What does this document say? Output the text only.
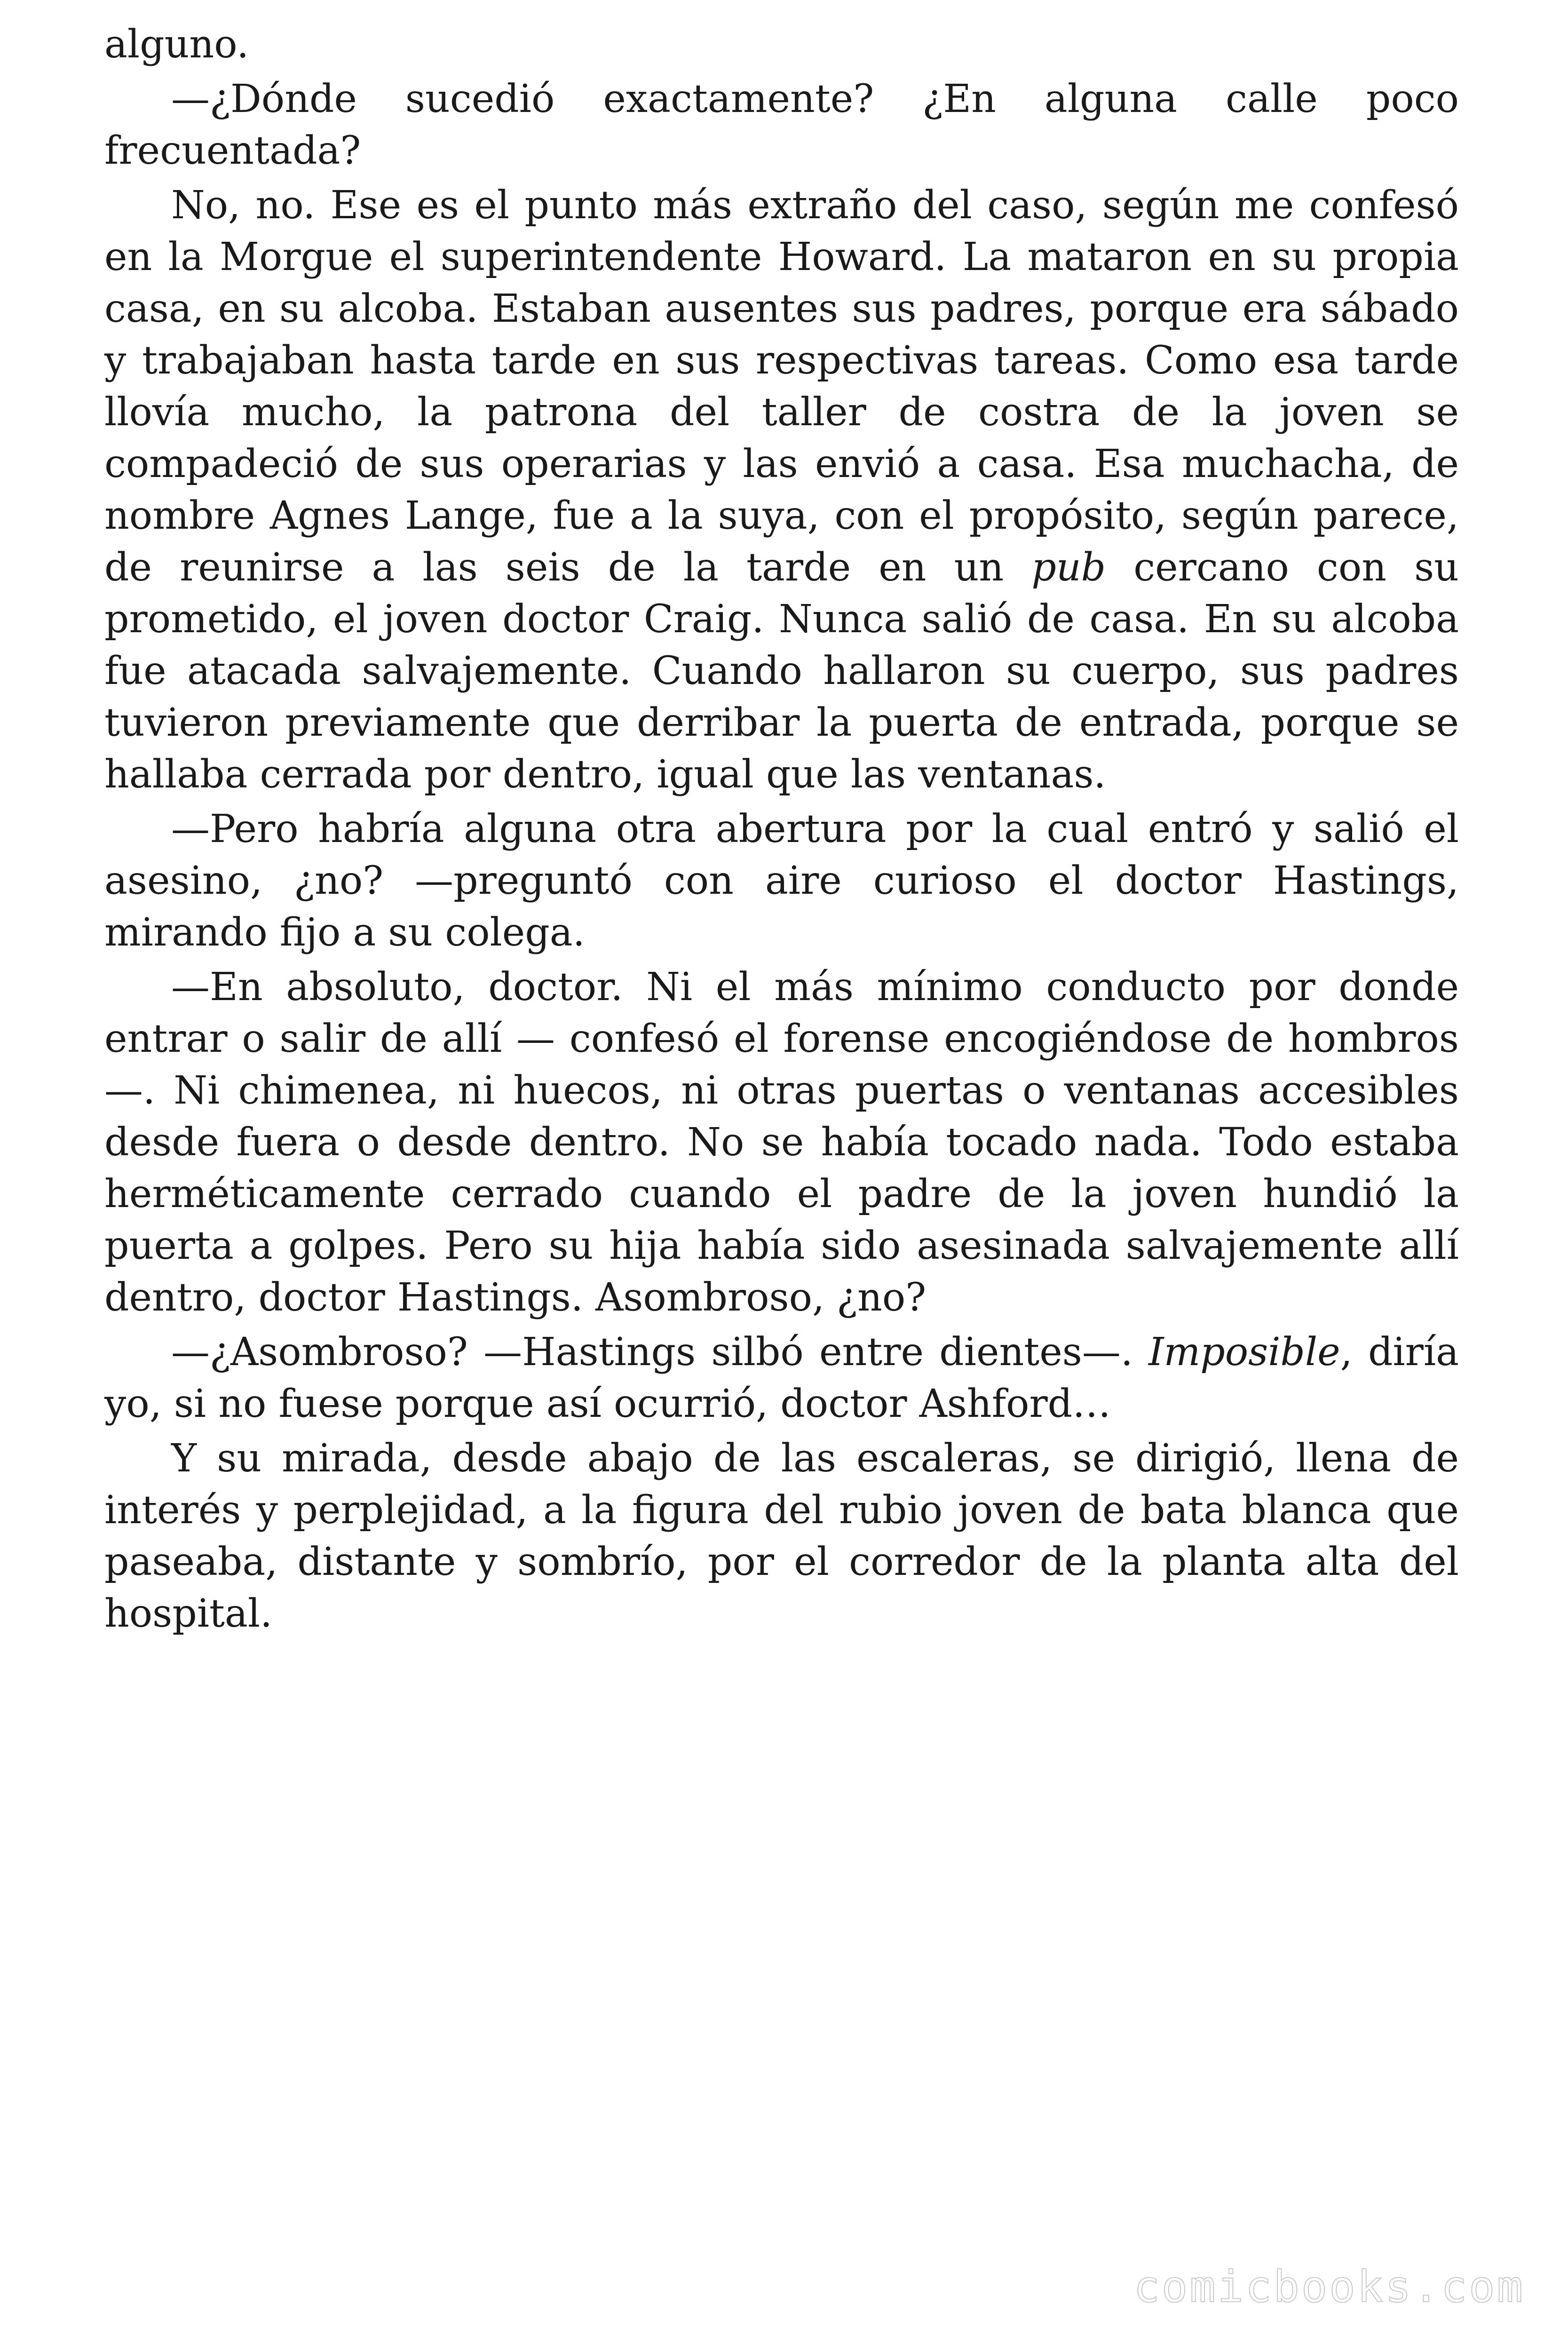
alguno.

—¿Dónde sucedió exactamente? ¿En alguna calle poco frecuentada?

No, no. Ese es el punto más extraño del caso, según me confesó en la Morgue el superintendente Howard. La mataron en su propia casa, en su alcoba. Estaban ausentes sus padres, porque era sábado y trabajaban hasta tarde en sus respectivas tareas. Como esa tarde llovía mucho, la patrona del taller de costra de la joven se compadeció de sus operarias y las envió a casa. Esa muchacha, de nombre Agnes Lange, fue a la suya, con el propósito, según parece, de reunirse a las seis de la tarde en un pub cercano con su prometido, el joven doctor Craig. Nunca salió de casa. En su alcoba fue atacada salvajemente. Cuando hallaron su cuerpo, sus padres tuvieron previamente que derribar la puerta de entrada, porque se hallaba cerrada por dentro, igual que las ventanas.

—Pero habría alguna otra abertura por la cual entró y salió el asesino, ¿no? —preguntó con aire curioso el doctor Hastings, mirando fijo a su colega.

—En absoluto, doctor. Ni el más mínimo conducto por donde entrar o salir de allí — confesó el forense encogiéndose de hombros—. Ni chimenea, ni huecos, ni otras puertas o ventanas accesibles desde fuera o desde dentro. No se había tocado nada. Todo estaba herméticamente cerrado cuando el padre de la joven hundió la puerta a golpes. Pero su hija había sido asesinada salvajemente allí dentro, doctor Hastings. Asombroso, ¿no?

—¿Asombroso? —Hastings silbó entre dientes—. Imposible, diría yo, si no fuese porque así ocurrió, doctor Ashford…

Y su mirada, desde abajo de las escaleras, se dirigió, llena de interés y perplejidad, a la figura del rubio joven de bata blanca que paseaba, distante y sombrío, por el corredor de la planta alta del hospital.

comicbooks.com
